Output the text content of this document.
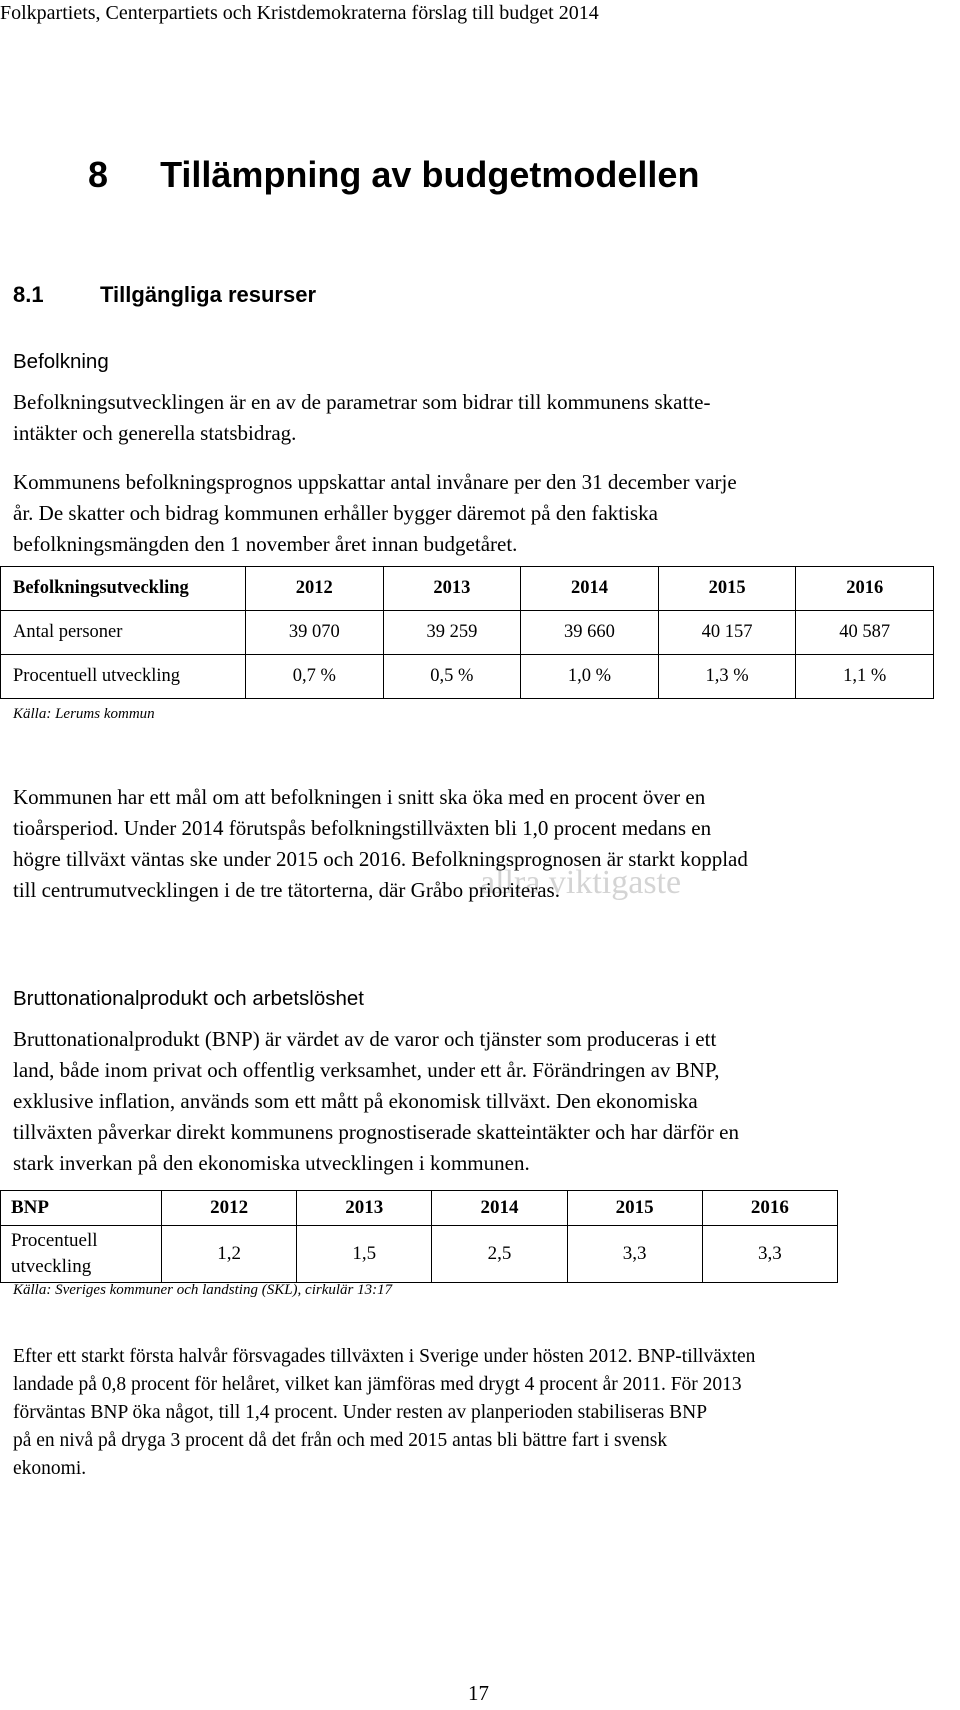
Folkpartiets, Centerpartiets och Kristdemokraterna förslag till budget 2014
8 Tillämpning av budgetmodellen
8.1	Tillgängliga resurser
Befolkning
Befolkningsutvecklingen är en av de parametrar som bidrar till kommunens skatte-
intäkter och generella statsbidrag.
Kommunens befolkningsprognos uppskattar antal invånare per den 31 december varje
år. De skatter och bidrag kommunen erhåller bygger däremot på den faktiska
befolkningsmängden den 1 november året innan budgetåret.
Befolkningsutveckling	2012	2013	2014	2015	2016
Antal personer	39 070	39 259	39 660	40 157	40 587
Procentuell utveckling	0,7 %	0,5 %	1,0 %	1,3 %	1,1 %
Källa: Lerums kommun
allra viktigaste
Kommunen har ett mål om att befolkningen i snitt ska öka med en procent över en
tioårsperiod. Under 2014 förutspås befolkningstillväxten bli 1,0 procent medans en
högre tillväxt väntas ske under 2015 och 2016. Befolkningsprognosen är starkt kopplad
till centrumutvecklingen i de tre tätorterna, där Gråbo prioriteras.
Bruttonationalprodukt och arbetslöshet
Bruttonationalprodukt (BNP) är värdet av de varor och tjänster som produceras i ett
land, både inom privat och offentlig verksamhet, under ett år. Förändringen av BNP,
exklusive inflation, används som ett mått på ekonomisk tillväxt. Den ekonomiska
tillväxten påverkar direkt kommunens prognostiserade skatteintäkter och har därför en
stark inverkan på den ekonomiska utvecklingen i kommunen.
BNP	2012	2013	2014	2015	2016

Procentuell
utveckling	1,2	1,5	2,5	3,3	3,3
Källa: Sveriges kommuner och landsting (SKL), cirkulär 13:17
Efter ett starkt första halvår försvagades tillväxten i Sverige under hösten 2012. BNP-tillväxten
landade på 0,8 procent för helåret, vilket kan jämföras med drygt 4 procent år 2011. För 2013
förväntas BNP öka något, till 1,4 procent. Under resten av planperioden stabiliseras BNP
på en nivå på dryga 3 procent då det från och med 2015 antas bli bättre fart i svensk
ekonomi.
17
